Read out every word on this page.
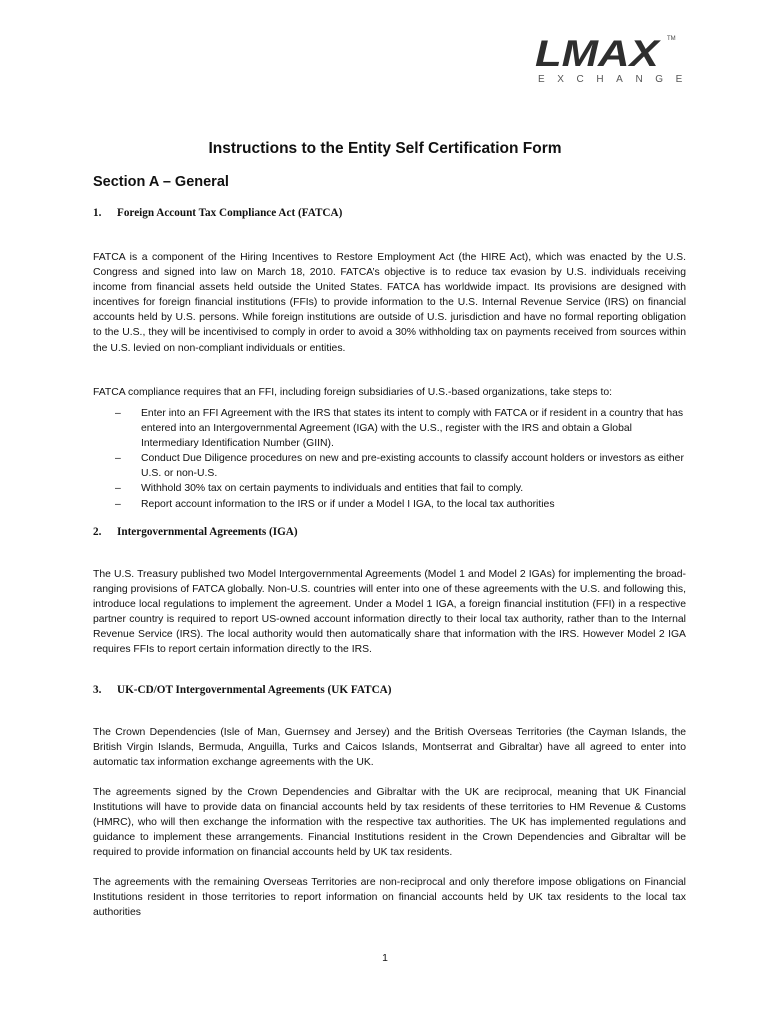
LMAX TM
EXCHANGE
Instructions to the Entity Self Certification Form
Section A – General
1. Foreign Account Tax Compliance Act (FATCA)

FATCA is a component of the Hiring Incentives to Restore Employment Act (the HIRE Act), which was enacted by the U.S. Congress and signed into law on March 18, 2010. FATCA’s objective is to reduce tax evasion by U.S. individuals receiving income from financial assets held outside the United States. FATCA has worldwide impact. Its provisions are designed with incentives for foreign financial institutions (FFIs) to provide information to the U.S. Internal Revenue Service (IRS) on financial accounts held by U.S. persons. While foreign institutions are outside of U.S. jurisdiction and have no formal reporting obligation to the U.S., they will be incentivised to comply in order to avoid a 30% withholding tax on payments received from sources within the U.S. levied on non-compliant individuals or entities.

FATCA compliance requires that an FFI, including foreign subsidiaries of U.S.-based organizations, take steps to:

– Enter into an FFI Agreement with the IRS that states its intent to comply with FATCA or if resident in a country that has entered into an Intergovernmental Agreement (IGA) with the U.S., register with the IRS and obtain a Global Intermediary Identification Number (GIIN).
– Conduct Due Diligence procedures on new and pre-existing accounts to classify account holders or investors as either U.S. or non-U.S.
– Withhold 30% tax on certain payments to individuals and entities that fail to comply.
– Report account information to the IRS or if under a Model I IGA, to the local tax authorities
2. Intergovernmental Agreements (IGA)

The U.S. Treasury published two Model Intergovernmental Agreements (Model 1 and Model 2 IGAs) for implementing the broad-ranging provisions of FATCA globally. Non-U.S. countries will enter into one of these agreements with the U.S. and following this, introduce local regulations to implement the agreement. Under a Model 1 IGA, a foreign financial institution (FFI) in a respective partner country is required to report US-owned account information directly to their local tax authority, rather than to the Internal Revenue Service (IRS). The local authority would then automatically share that information with the IRS. However Model 2 IGA requires FFIs to report certain information directly to the IRS.

3. UK-CD/OT Intergovernmental Agreements (UK FATCA)

The Crown Dependencies (Isle of Man, Guernsey and Jersey) and the British Overseas Territories (the Cayman Islands, the British Virgin Islands, Bermuda, Anguilla, Turks and Caicos Islands, Montserrat and Gibraltar) have all agreed to enter into automatic tax information exchange agreements with the UK.

The agreements signed by the Crown Dependencies and Gibraltar with the UK are reciprocal, meaning that UK Financial Institutions will have to provide data on financial accounts held by tax residents of these territories to HM Revenue & Customs (HMRC), who will then exchange the information with the respective tax authorities. The UK has implemented regulations and guidance to implement these arrangements. Financial Institutions resident in the Crown Dependencies and Gibraltar will be required to provide information on financial accounts held by UK tax residents.

The agreements with the remaining Overseas Territories are non-reciprocal and only therefore impose obligations on Financial Institutions resident in those territories to report information on financial accounts held by UK tax residents to the local tax authorities

1
